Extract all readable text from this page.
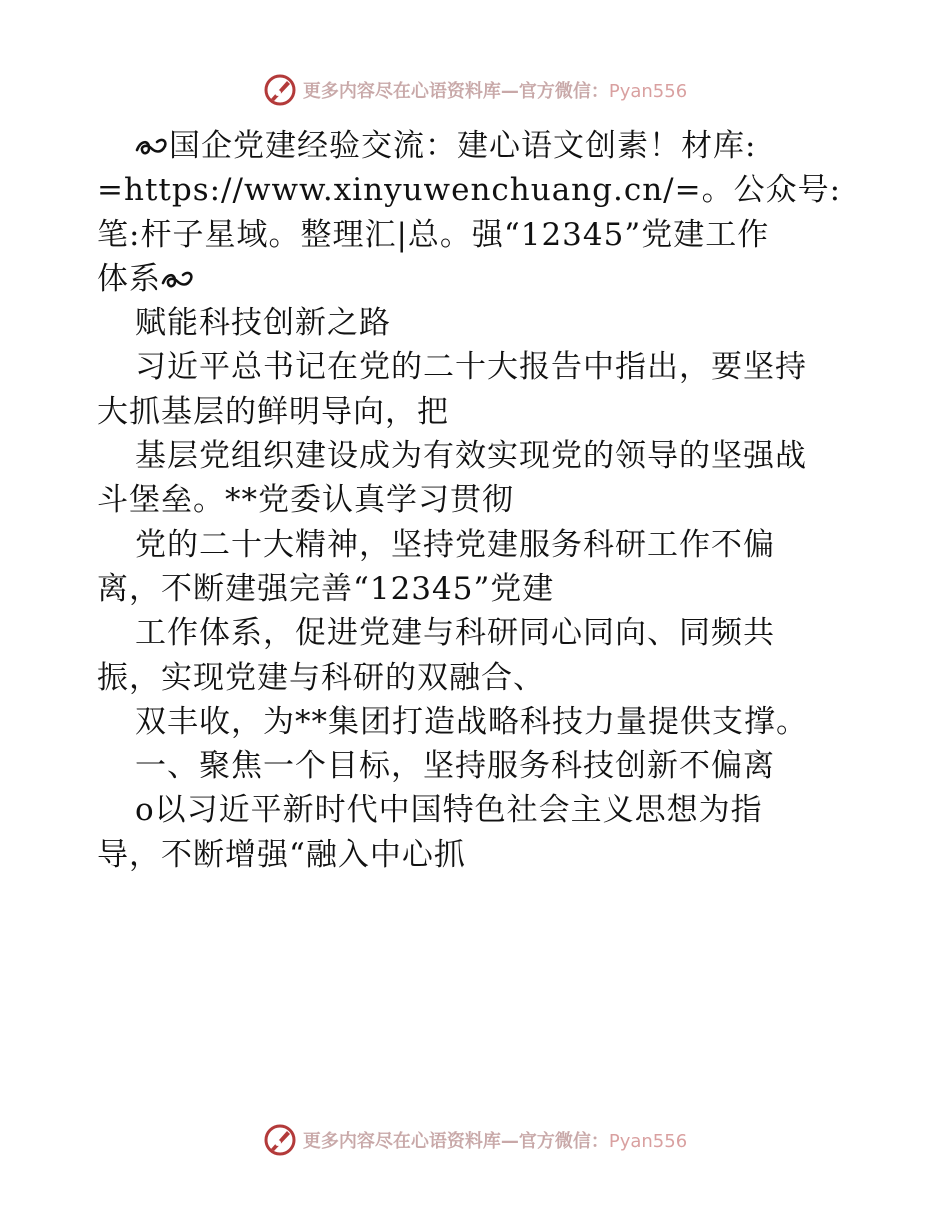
更多内容尽在心语资料库—官方微信：Pyan556
国企党建经验交流：建心语文创素！材库:
=https://www.xinyuwenchuang.cn/=。公众号:
笔:杆子星域。整理汇|总。强“12345”党建工作
体系
赋能科技创新之路
习近平总书记在党的二十大报告中指出，要坚持
大抓基层的鲜明导向，把
基层党组织建设成为有效实现党的领导的坚强战
斗堡垒。**党委认真学习贯彻
党的二十大精神，坚持党建服务科研工作不偏
离，不断建强完善“12345”党建
工作体系，促进党建与科研同心同向、同频共
振，实现党建与科研的双融合、
双丰收，为**集团打造战略科技力量提供支撑。
一、聚焦一个目标，坚持服务科技创新不偏离
o以习近平新时代中国特色社会主义思想为指
导，不断增强“融入中心抓
更多内容尽在心语资料库—官方微信：Pyan556
